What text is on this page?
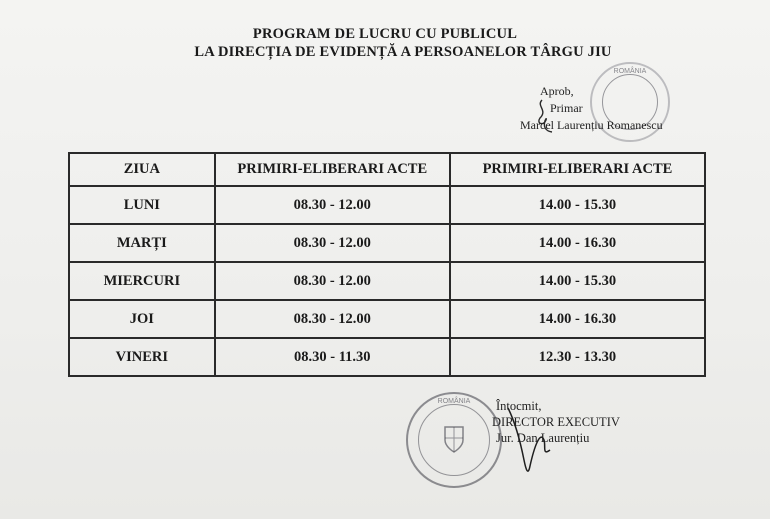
PROGRAM DE LUCRU CU PUBLICUL
LA DIRECȚIA DE EVIDENȚĂ A PERSOANELOR TÂRGU JIU
ROMÂNIA
Aprob,
Primar
Marcel Laurențiu Romanescu
ZIUA	PRIMIRI-ELIBERARI ACTE	PRIMIRI-ELIBERARI ACTE
LUNI	08.30 - 12.00	14.00 - 15.30
MARȚI	08.30 - 12.00	14.00 - 16.30
MIERCURI	08.30 - 12.00	14.00 - 15.30
JOI	08.30 - 12.00	14.00 - 16.30
VINERI	08.30 - 11.30	12.30 - 13.30
ROMÂNIA	Întocmit,
DIRECTOR EXECUTIV
Jur. Dan Laurențiu
